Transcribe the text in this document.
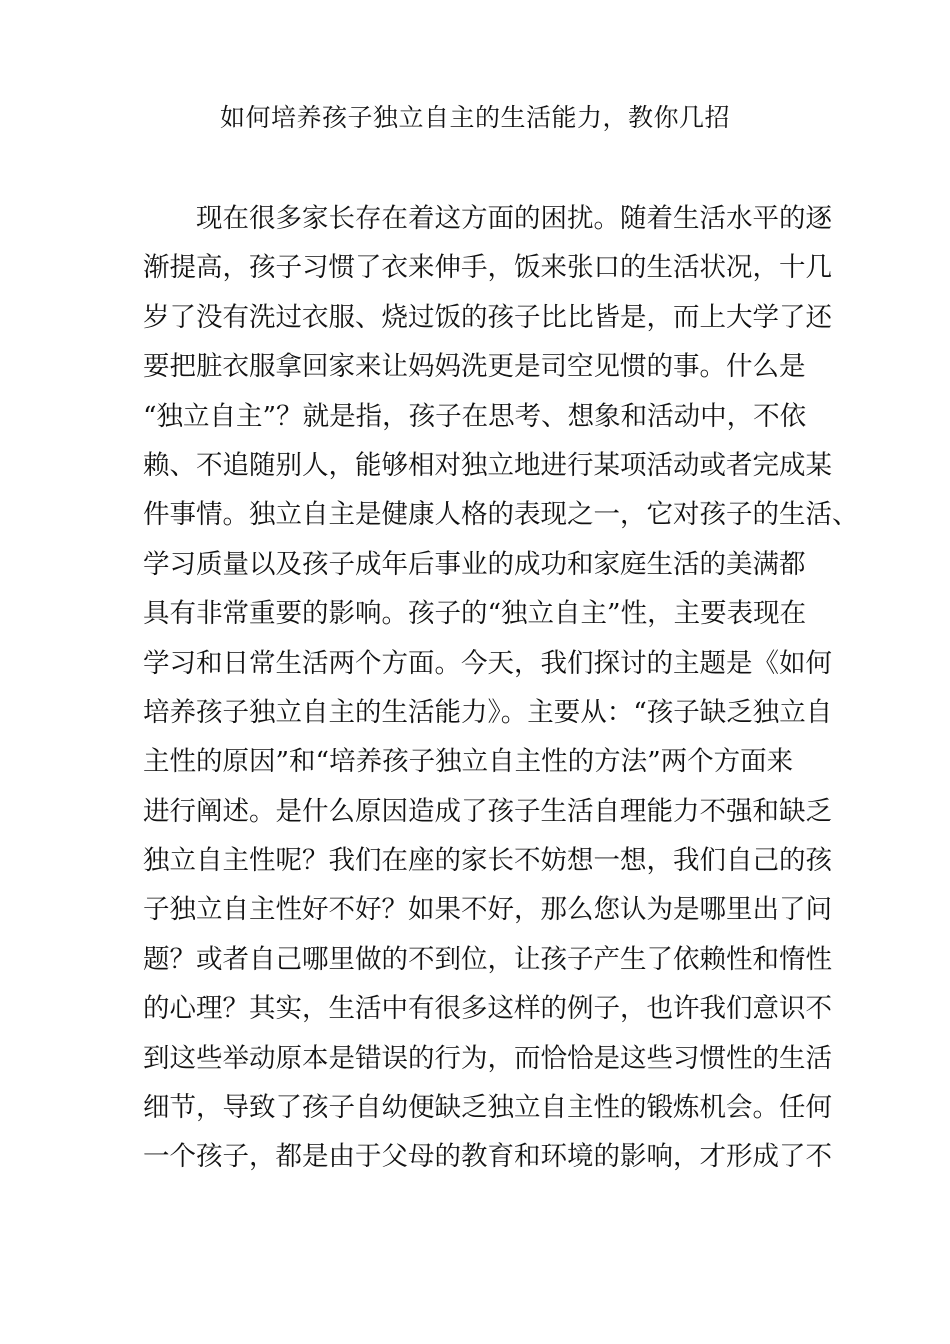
如何培养孩子独立自主的生活能力，教你几招
现在很多家长存在着这方面的困扰。随着生活水平的逐
渐提高，孩子习惯了衣来伸手，饭来张口的生活状况，十几
岁了没有洗过衣服、烧过饭的孩子比比皆是，而上大学了还
要把脏衣服拿回家来让妈妈洗更是司空见惯的事。什么是
“独立自主”？就是指，孩子在思考、想象和活动中，不依
赖、不追随别人，能够相对独立地进行某项活动或者完成某
件事情。独立自主是健康人格的表现之一，它对孩子的生活、
学习质量以及孩子成年后事业的成功和家庭生活的美满都
具有非常重要的影响。孩子的“独立自主”性，主要表现在
学习和日常生活两个方面。今天，我们探讨的主题是《如何
培养孩子独立自主的生活能力》。主要从：“孩子缺乏独立自
主性的原因”和“培养孩子独立自主性的方法”两个方面来
进行阐述。是什么原因造成了孩子生活自理能力不强和缺乏
独立自主性呢？我们在座的家长不妨想一想，我们自己的孩
子独立自主性好不好？如果不好，那么您认为是哪里出了问
题？或者自己哪里做的不到位，让孩子产生了依赖性和惰性
的心理？其实，生活中有很多这样的例子，也许我们意识不
到这些举动原本是错误的行为，而恰恰是这些习惯性的生活
细节，导致了孩子自幼便缺乏独立自主性的锻炼机会。任何
一个孩子，都是由于父母的教育和环境的影响，才形成了不
